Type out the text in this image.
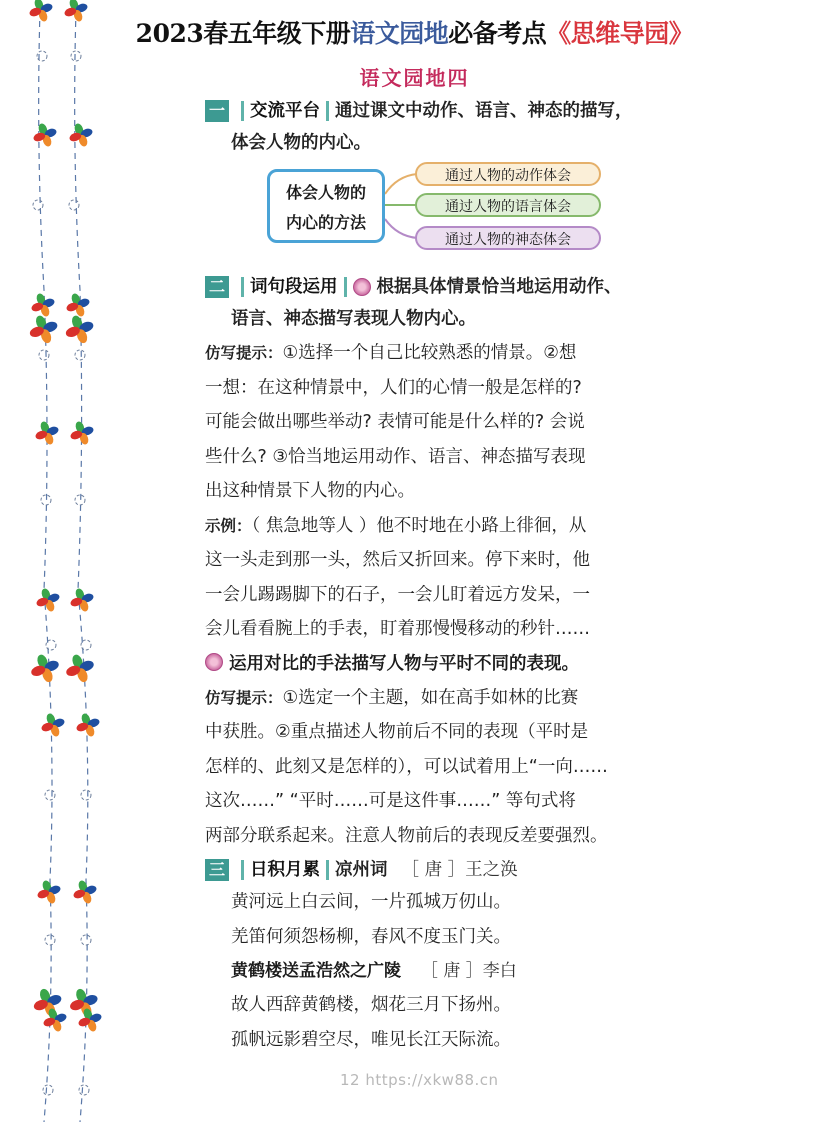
2023春五年级下册语文园地必备考点《思维导园》
语文园地四
一 交流平台 通过课文中动作、语言、神态的描写，
体会人物的内心。
体会人物的
内心的方法
通过人物的动作体会
通过人物的语言体会
通过人物的神态体会
二 词句段运用 根据具体情景恰当地运用动作、
语言、神态描写表现人物内心。
仿写提示：①选择一个自己比较熟悉的情景。②想
一想：在这种情景中，人们的心情一般是怎样的?
可能会做出哪些举动? 表情可能是什么样的? 会说
些什么? ③恰当地运用动作、语言、神态描写表现
出这种情景下人物的内心。
示例：（ 焦急地等人 ）他不时地在小路上徘徊，从
这一头走到那一头，然后又折回来。停下来时，他
一会儿踢踢脚下的石子，一会儿盯着远方发呆，一
会儿看看腕上的手表，盯着那慢慢移动的秒针……
运用对比的手法描写人物与平时不同的表现。
仿写提示：①选定一个主题，如在高手如林的比赛
中获胜。②重点描述人物前后不同的表现（平时是
怎样的、此刻又是怎样的），可以试着用上“一向……
这次……” “平时……可是这件事……” 等句式将
两部分联系起来。注意人物前后的表现反差要强烈。
三 日积月累 凉州词 ［ 唐 ］王之涣
黄河远上白云间，一片孤城万仞山。
羌笛何须怨杨柳，春风不度玉门关。
黄鹤楼送孟浩然之广陵 ［ 唐 ］李白
故人西辞黄鹤楼，烟花三月下扬州。
孤帆远影碧空尽，唯见长江天际流。
12 https://xkw88.cn
